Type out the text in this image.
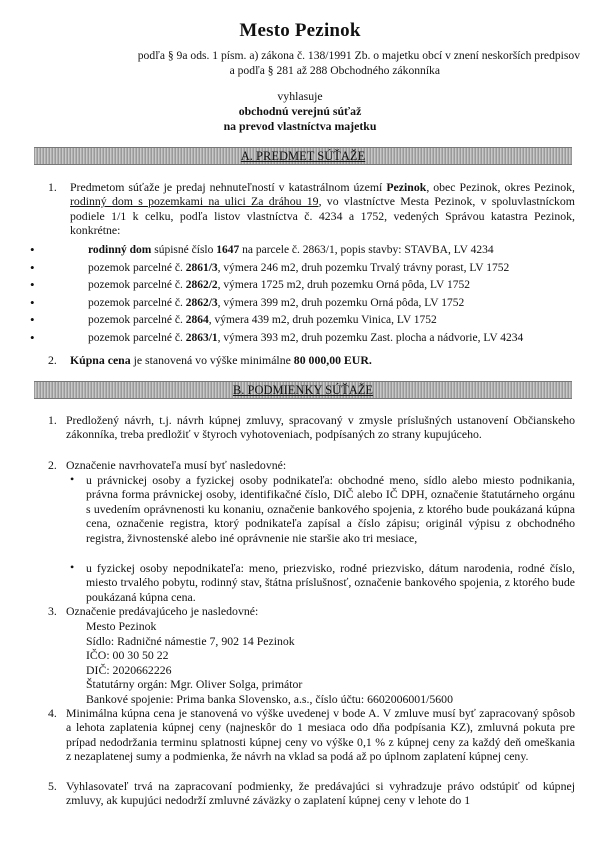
Mesto Pezinok
podľa § 9a ods. 1 písm. a) zákona č. 138/1991 Zb. o majetku obcí v znení neskorších predpisov
a podľa § 281 až 288 Obchodného zákonníka
vyhlasuje
obchodnú verejnú súťaž
na prevod vlastníctva majetku
A. PREDMET SÚŤAŽE
1. Predmetom súťaže je predaj nehnuteľností v katastrálnom území Pezinok, obec Pezinok, okres Pezinok, rodinný dom s pozemkami na ulici Za dráhou 19, vo vlastníctve Mesta Pezinok, v spoluvlastníckom podiele 1/1 k celku, podľa listov vlastníctva č. 4234 a 1752, vedených Správou katastra Pezinok, konkrétne:
•	rodinný dom súpisné číslo 1647 na parcele č. 2863/1, popis stavby: STAVBA, LV 4234
•	pozemok parcelné č. 2861/3, výmera 246 m2, druh pozemku Trvalý trávny porast, LV 1752
•	pozemok parcelné č. 2862/2, výmera 1725 m2, druh pozemku Orná pôda, LV 1752
•	pozemok parcelné č. 2862/3, výmera 399 m2, druh pozemku Orná pôda, LV 1752
•	pozemok parcelné č. 2864, výmera 439 m2, druh pozemku Vinica, LV 1752
•	pozemok parcelné č. 2863/1, výmera 393 m2, druh pozemku Zast. plocha a nádvorie, LV 4234
2. Kúpna cena je stanovená vo výške minimálne 80 000,00 EUR.
B. PODMIENKY SÚŤAŽE
1. Predložený návrh, t.j. návrh kúpnej zmluvy, spracovaný v zmysle príslušných ustanovení Občianskeho zákonníka, treba predložiť v štyroch vyhotoveniach, podpísaných zo strany kupujúceho.
2. Označenie navrhovateľa musí byť nasledovné:
• u právnickej osoby a fyzickej osoby podnikateľa: obchodné meno, sídlo alebo miesto podnikania, právna forma právnickej osoby, identifikačné číslo, DIČ alebo IČ DPH, označenie štatutárneho orgánu s uvedením oprávnenosti ku konaniu, označenie bankového spojenia, z ktorého bude poukázaná kúpna cena, označenie registra, ktorý podnikateľa zapísal a číslo zápisu; originál výpisu z obchodného registra, živnostenské alebo iné oprávnenie nie staršie ako tri mesiace,
• u fyzickej osoby nepodnikateľa: meno, priezvisko, rodné priezvisko, dátum narodenia, rodné číslo, miesto trvalého pobytu, rodinný stav, štátna príslušnosť, označenie bankového spojenia, z ktorého bude poukázaná kúpna cena.
3. Označenie predávajúceho je nasledovné:
Mesto Pezinok
Sídlo: Radničné námestie 7, 902 14 Pezinok
IČO: 00 30 50 22
DIČ: 2020662226
Štatutárny orgán: Mgr. Oliver Solga, primátor
Bankové spojenie: Prima banka Slovensko, a.s., číslo účtu: 6602006001/5600
4. Minimálna kúpna cena je stanovená vo výške uvedenej v bode A. V zmluve musí byť zapracovaný spôsob a lehota zaplatenia kúpnej ceny (najneskôr do 1 mesiaca odo dňa podpísania KZ), zmluvná pokuta pre prípad nedodržania terminu splatnosti kúpnej ceny vo výške 0,1 % z kúpnej ceny za každý deň omeškania z nezaplatenej sumy a podmienka, že návrh na vklad sa podá až po úplnom zaplatení kúpnej ceny.
5. Vyhlasovateľ trvá na zapracovaní podmienky, že predávajúci si vyhradzuje právo odstúpiť od kúpnej zmluvy, ak kupujúci nedodrží zmluvné záväzky o zaplatení kúpnej ceny v lehote do 1
